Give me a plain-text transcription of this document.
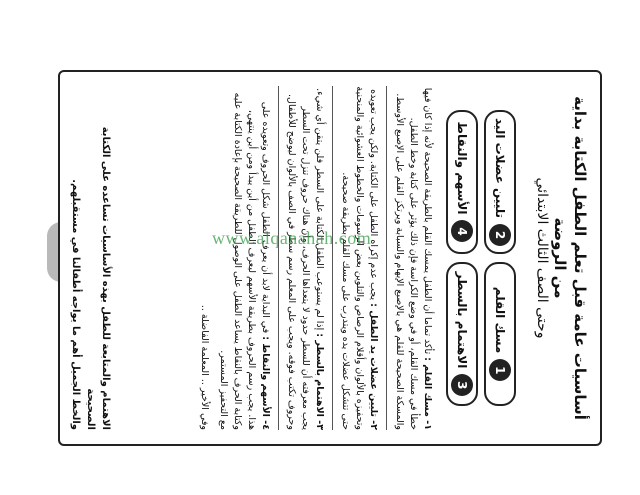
أساسيات عامة قبل تعلم الطفل الكتابة بداية من الروضة
وحتى الصف الثالث الابتدائي
1
مسك القلم
2
تليين عضلات اليد
3
الاهتمام بالسطر
4
الأسهم والنقاط
١- مسك القلم : تأكد تماما أن الطفل يمسك القلم بالطريقة الصحيحة لأنه إذا كان فيها خطأ في مسك القلم، أو في وضع الكراسة فإن ذلك يؤثر على كتابة وخط الطفل. والمسكة الصحيحة للقلم هي بالإصبع الإبهام والسبابة ويرتكز القلم على الإصبع الأوسط.
٢- تليين عضلات يد الطفل : يجب عدم إكراه الطفل على الكتابة. ولكن يجب تعويده وتحفيزه بالألوان وأقلام الرصاص والتلوين بعض الرسومات والخطوط العشوائية والمنحنية حتى تتشكل عضلات يده ويتدرب على مسك القلم بطريقة صحيحة.
٣- الاهتمام بالسطر : إذا لم يستوعب الطفل الكتابة على السطر فلن يتقن أي شيء. يجب معرفته أن للسطر حدود لا يتعداها الحرف، وأن هناك حروف تنزل تحت السطر وحروف تكتب فوقه. ويجب على المعلم رسم سطر في الصف بالألوان ليوضح للأطفال.
٤- الأسهم والنقاط : في البداية لابد أن يعرف الطفل شكل الحروف وتعويده على هذا. يجب رسم الحروف بطريقة الأسهم ليعرف الطفل من أين يبدأ ومن أين ينتهي، وكتابة الحرف بالنقاط يساعد الطفل على الوصول للطريقة الصحيحة بإعادة الكتابة عليه مع التحفيز المستمر.
وفي الأخير .. المعلمة الفاضلة ..
الاهتمام والمتابعة للطفل بهذه الأساسيات تساعده على الكتابة الصحيحة
والخط الجميل أهم ما يواجه أطفالنا في مستقبلهم.	www.alqanahah.com
